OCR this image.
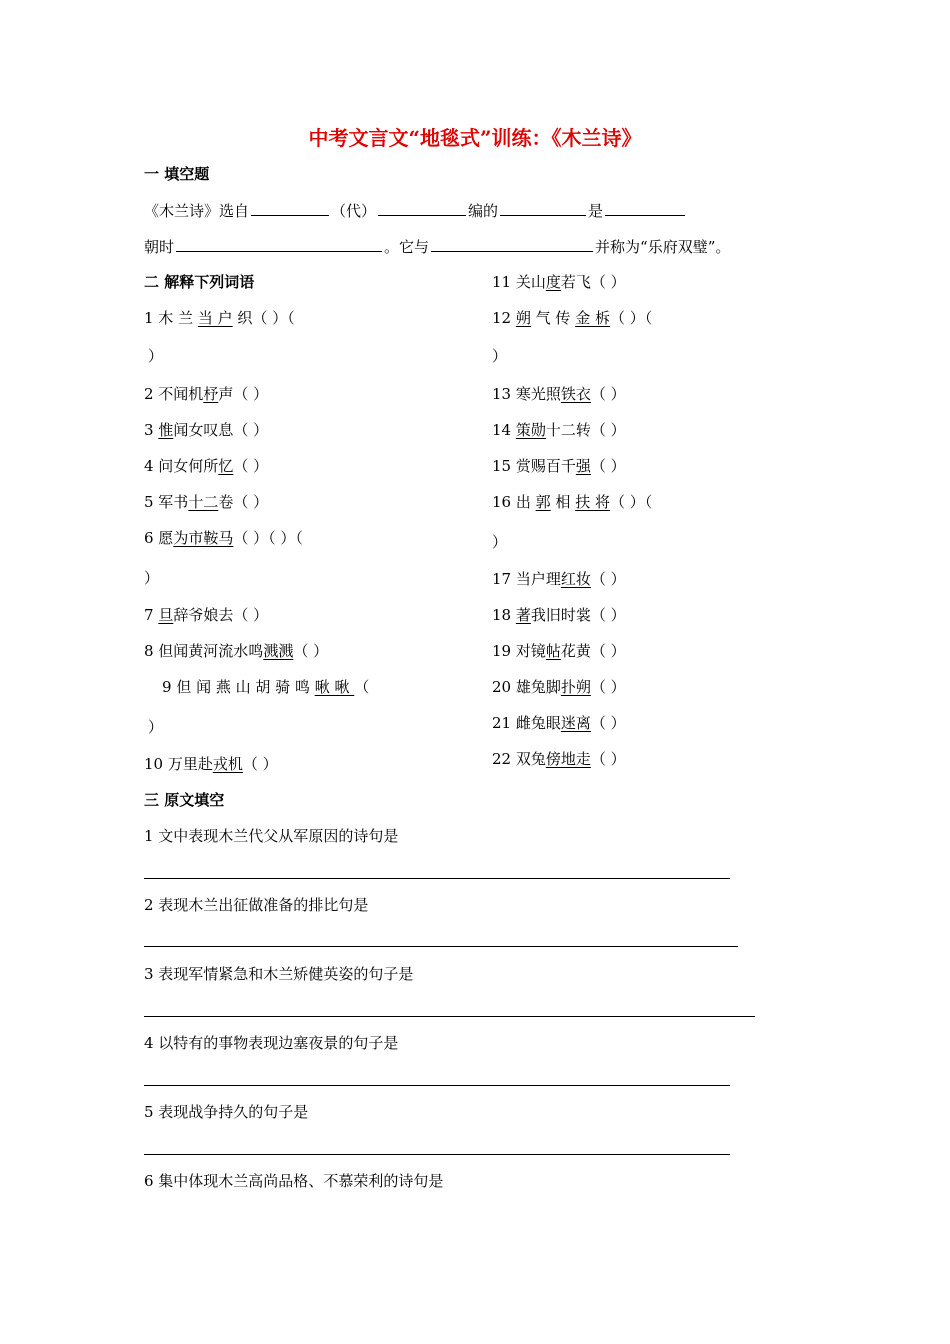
中考文言文“地毯式”训练：《木兰诗》
一 填空题
《木兰诗》选自	（代）	编的	是
朝时	。它与	并称为“乐府双璧”。
二 解释下列词语
1 木 兰 当 户 织（ ）（
）
2 不闻机杼声（ ）
3 惟闻女叹息（ ）
4 问女何所忆（ ）
5 军书十二卷（ ）
6 愿为市鞍马（ ）（ ）（
）
7 旦辞爷娘去（ ）
8 但闻黄河流水鸣溅溅（ ）
9 但 闻 燕 山 胡 骑 鸣 啾 啾 （
）
10 万里赴戎机（ ）
11 关山度若飞（ ）
12 朔 气 传 金 柝（ ）（
）
13 寒光照铁衣（ ）
14 策勋十二转（ ）
15 赏赐百千强（ ）
16 出 郭 相 扶 将（ ）（
）
17 当户理红妆（ ）
18 著我旧时裳（ ）
19 对镜帖花黄（ ）
20 雄兔脚扑朔（ ）
21 雌兔眼迷离（ ）
22 双兔傍地走（ ）
三 原文填空
1 文中表现木兰代父从军原因的诗句是
2 表现木兰出征做准备的排比句是
3 表现军情紧急和木兰矫健英姿的句子是
4 以特有的事物表现边塞夜景的句子是
5 表现战争持久的句子是
6 集中体现木兰高尚品格、不慕荣利的诗句是
